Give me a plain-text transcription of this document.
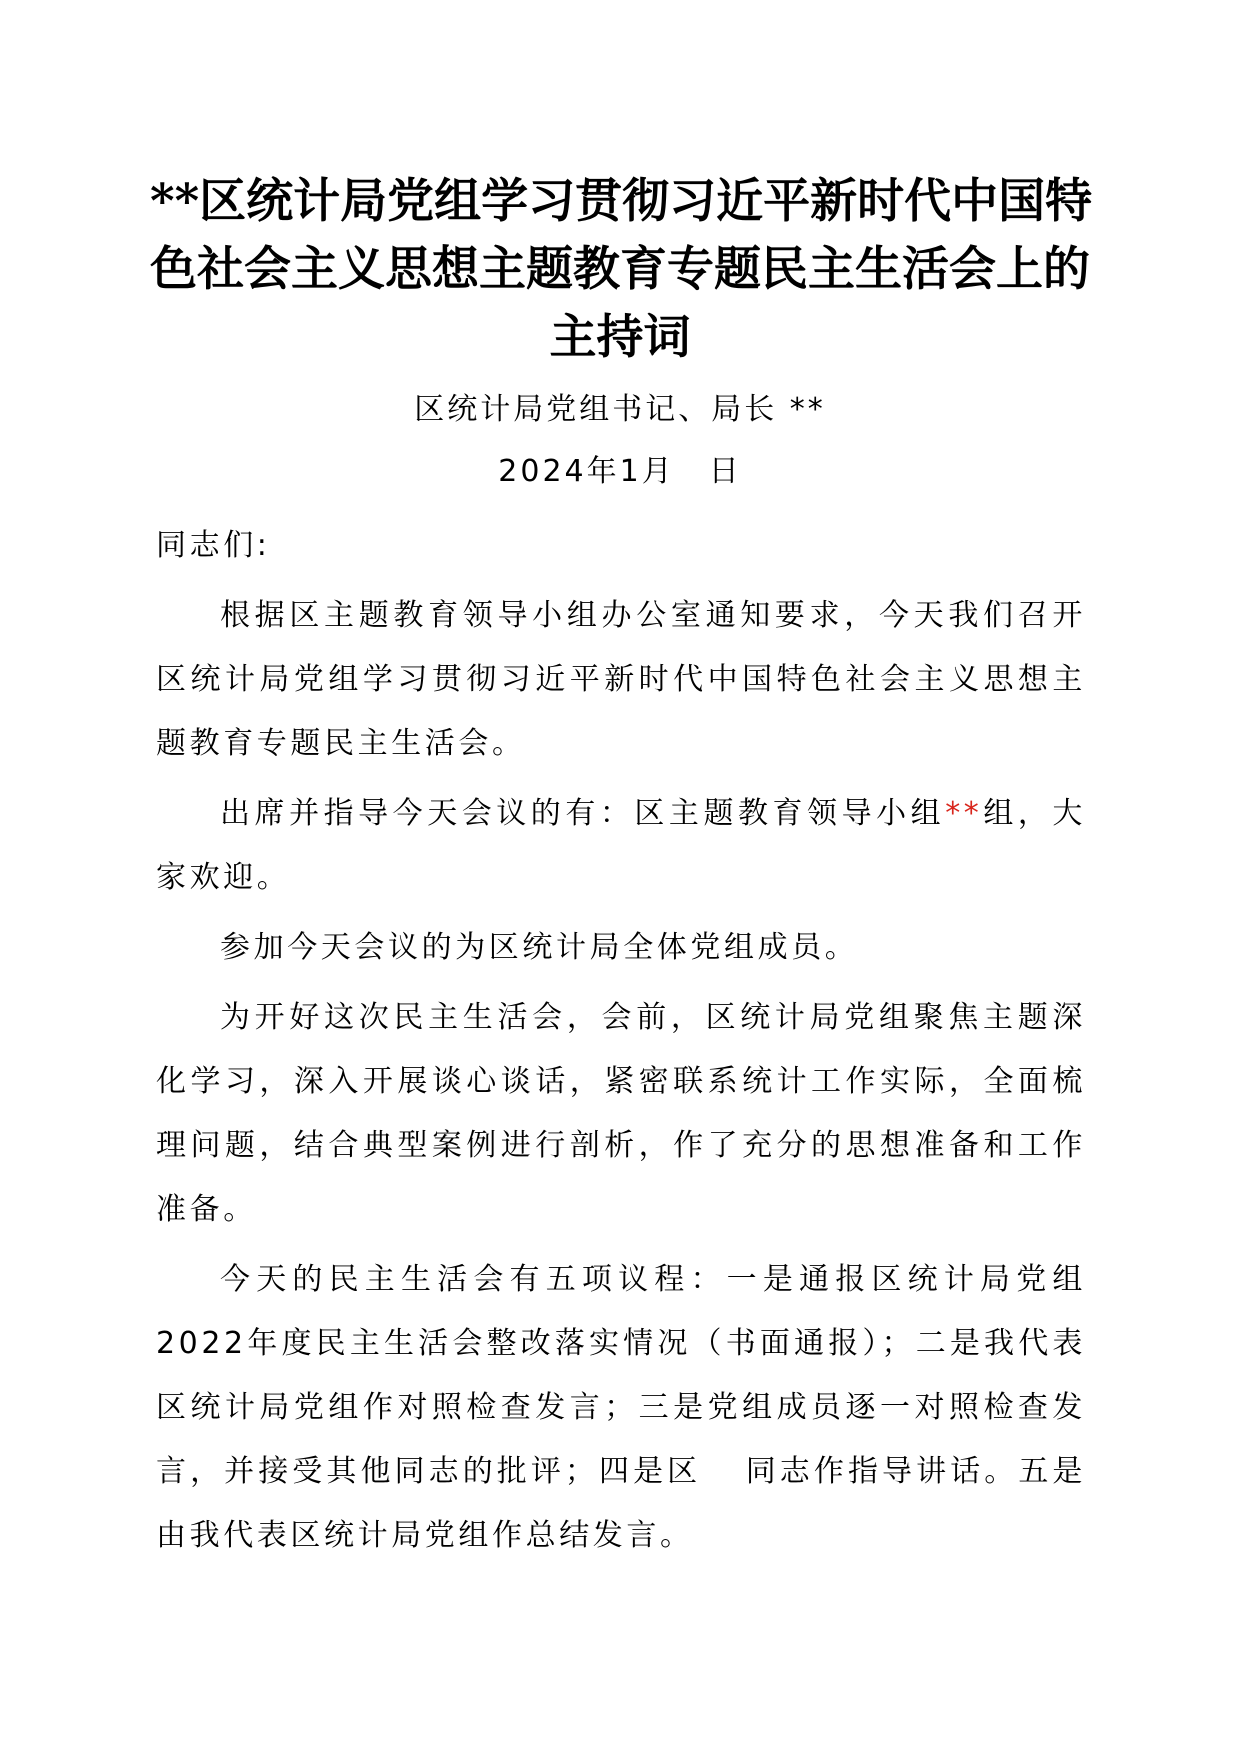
**区统计局党组学习贯彻习近平新时代中国特
色社会主义思想主题教育专题民主生活会上的
主持词
区统计局党组书记、局长 **
2024年1月 日

同志们:

根据区主题教育领导小组办公室通知要求，今天我们召开区统计局党组学习贯彻习近平新时代中国特色社会主义思想主题教育专题民主生活会。

出席并指导今天会议的有：区主题教育领导小组**组，大家欢迎。

参加今天会议的为区统计局全体党组成员。

为开好这次民主生活会，会前，区统计局党组聚焦主题深化学习，深入开展谈心谈话，紧密联系统计工作实际，全面梳理问题，结合典型案例进行剖析，作了充分的思想准备和工作准备。

今天的民主生活会有五项议程：一是通报区统计局党组2022年度民主生活会整改落实情况（书面通报）；二是我代表区统计局党组作对照检查发言；三是党组成员逐一对照检查发言，并接受其他同志的批评；四是区 同志作指导讲话。五是由我代表区统计局党组作总结发言。
